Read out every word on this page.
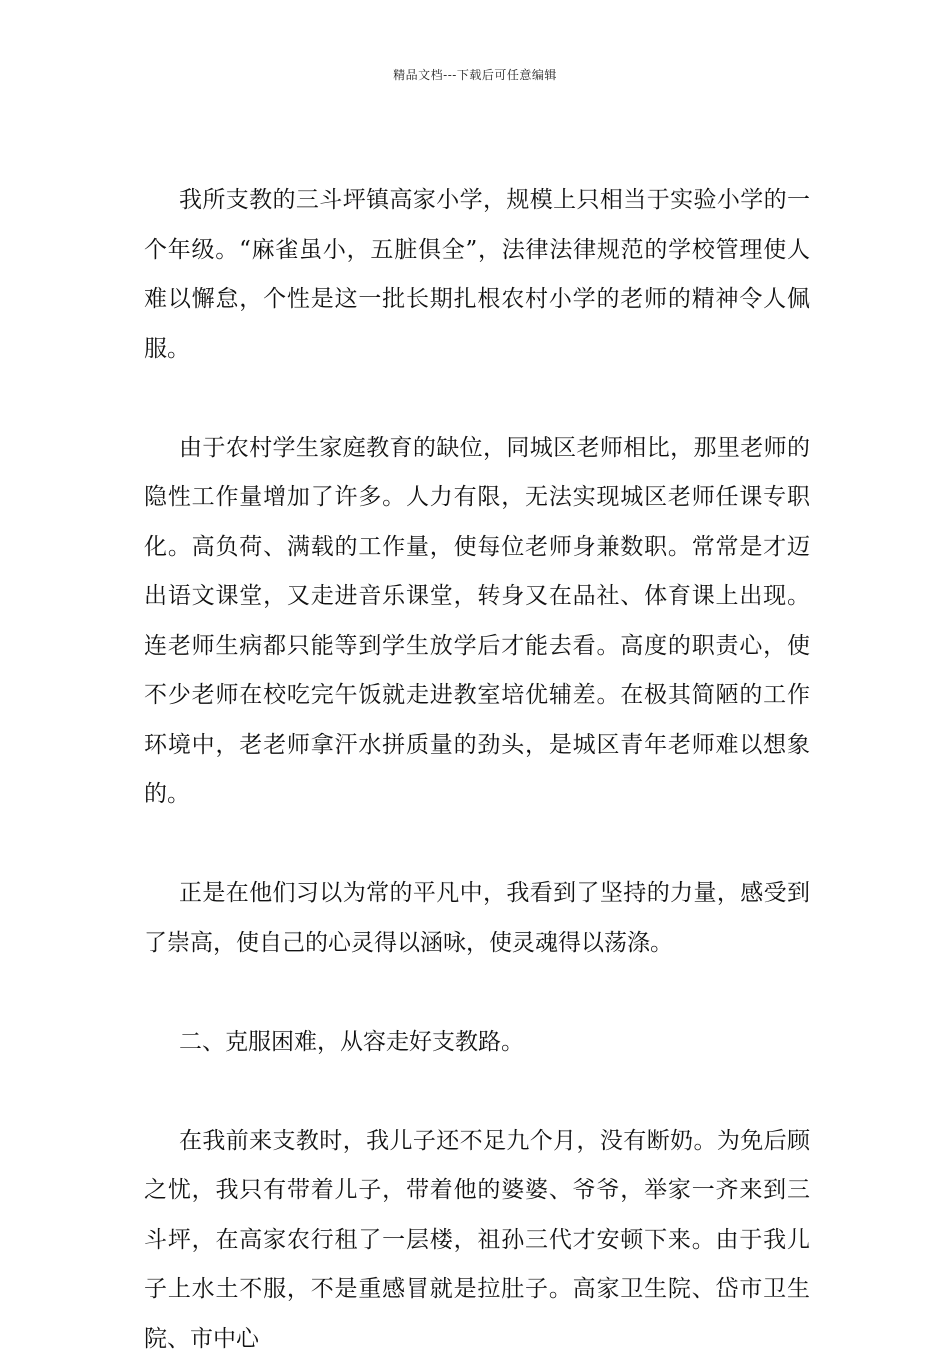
精品文档---下载后可任意编辑

我所支教的三斗坪镇高家小学，规模上只相当于实验小学的一个年级。“麻雀虽小，五脏俱全”，法律法律规范的学校管理使人难以懈怠，个性是这一批长期扎根农村小学的老师的精神令人佩服。

由于农村学生家庭教育的缺位，同城区老师相比，那里老师的隐性工作量增加了许多。人力有限，无法实现城区老师任课专职化。高负荷、满载的工作量，使每位老师身兼数职。常常是才迈出语文课堂，又走进音乐课堂，转身又在品社、体育课上出现。连老师生病都只能等到学生放学后才能去看。高度的职责心，使不少老师在校吃完午饭就走进教室培优辅差。在极其简陋的工作环境中，老老师拿汗水拼质量的劲头，是城区青年老师难以想象的。

正是在他们习以为常的平凡中，我看到了坚持的力量，感受到了崇高，使自己的心灵得以涵咏，使灵魂得以荡涤。

二、克服困难，从容走好支教路。

在我前来支教时，我儿子还不足九个月，没有断奶。为免后顾之忧，我只有带着儿子，带着他的婆婆、爷爷，举家一齐来到三斗坪，在高家农行租了一层楼，祖孙三代才安顿下来。由于我儿子上水土不服，不是重感冒就是拉肚子。高家卫生院、岱市卫生院、市中心
